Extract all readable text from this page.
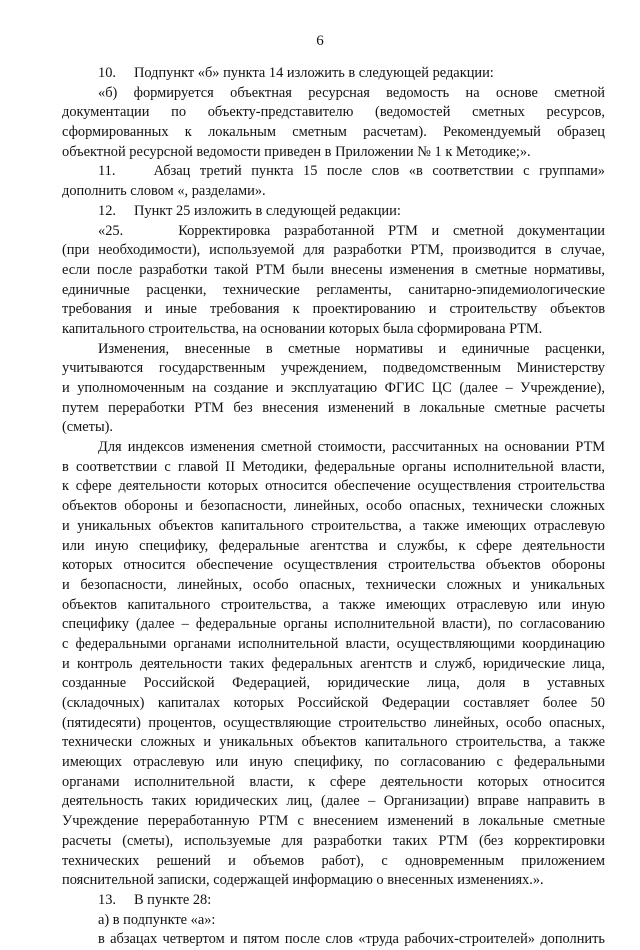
6
10.     Подпункт «б» пункта 14 изложить в следующей редакции:
«б) формируется объектная ресурсная ведомость на основе сметной
документации по объекту-представителю (ведомостей сметных ресурсов,
сформированных к локальным сметным расчетам). Рекомендуемый образец
объектной ресурсной ведомости приведен в Приложении № 1 к Методике;».
11.    Абзац третий пункта 15 после слов «в соответствии с группами»
дополнить словом «, разделами».
12.     Пункт 25 изложить в следующей редакции:
«25.    Корректировка разработанной РТМ и сметной документации
(при необходимости), используемой для разработки РТМ, производится в случае,
если после разработки такой РТМ были внесены изменения в сметные нормативы,
единичные расценки, технические регламенты, санитарно-эпидемиологические
требования и иные требования к проектированию и строительству объектов
капитального строительства, на основании которых была сформирована РТМ.
Изменения, внесенные в сметные нормативы и единичные расценки,
учитываются государственным учреждением, подведомственным Министерству
и уполномоченным на создание и эксплуатацию ФГИС ЦС (далее – Учреждение),
путем переработки РТМ без внесения изменений в локальные сметные расчеты
(сметы).
Для индексов изменения сметной стоимости, рассчитанных на основании РТМ
в соответствии с главой II Методики, федеральные органы исполнительной власти,
к сфере деятельности которых относится обеспечение осуществления строительства
объектов обороны и безопасности, линейных, особо опасных, технически сложных
и уникальных объектов капитального строительства, а также имеющих отраслевую
или иную специфику, федеральные агентства и службы, к сфере деятельности
которых относится обеспечение осуществления строительства объектов обороны
и безопасности, линейных, особо опасных, технически сложных и уникальных
объектов капитального строительства, а также имеющих отраслевую или иную
специфику (далее – федеральные органы исполнительной власти), по согласованию
с федеральными органами исполнительной власти, осуществляющими координацию
и контроль деятельности таких федеральных агентств и служб, юридические лица,
созданные Российской Федерацией, юридические лица, доля в уставных
(складочных) капиталах которых Российской Федерации составляет более 50
(пятидесяти) процентов, осуществляющие строительство линейных, особо опасных,
технически сложных и уникальных объектов капитального строительства, а также
имеющих отраслевую или иную специфику, по согласованию с федеральными
органами исполнительной власти, к сфере деятельности которых относится
деятельность таких юридических лиц, (далее – Организации) вправе направить в
Учреждение переработанную РТМ с внесением изменений в локальные сметные
расчеты (сметы), используемые для разработки таких РТМ (без корректировки
технических решений и объемов работ), с одновременным приложением
пояснительной записки, содержащей информацию о внесенных изменениях.».
13.     В пункте 28:
а) в подпункте «а»:
в абзацах четвертом и пятом после слов «труда рабочих-строителей» дополнить
